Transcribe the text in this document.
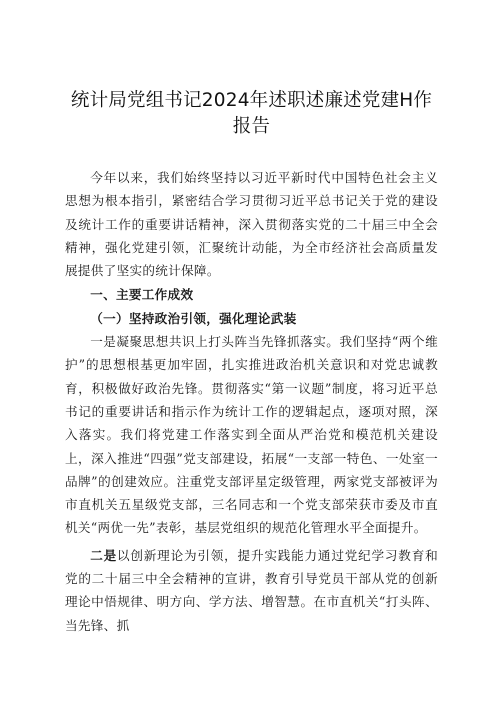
统计局党组书记2024年述职述廉述党建H作报告

今年以来，我们始终坚持以习近平新时代中国特色社会主义思想为根本指引，紧密结合学习贯彻习近平总书记关于党的建设及统计工作的重要讲话精神，深入贯彻落实党的二十届三中全会精神，强化党建引领，汇聚统计动能，为全市经济社会高质量发展提供了坚实的统计保障。

一、主要工作成效

（一）坚持政治引领，强化理论武装

一是凝聚思想共识上打头阵当先锋抓落实。我们坚持“两个维护”的思想根基更加牢固，扎实推进政治机关意识和对党忠诚教育，积极做好政治先锋。贯彻落实“第一议题”制度，将习近平总书记的重要讲话和指示作为统计工作的逻辑起点，逐项对照，深入落实。我们将党建工作落实到全面从严治党和模范机关建设上，深入推进“四强”党支部建设，拓展“一支部一特色、一处室一品牌”的创建效应。注重党支部评星定级管理，两家党支部被评为市直机关五星级党支部，三名同志和一个党支部荣获市委及市直机关“两优一先”表彰，基层党组织的规范化管理水平全面提升。

二是以创新理论为引领，提升实践能力通过党纪学习教育和党的二十届三中全会精神的宣讲，教育引导党员干部从党的创新理论中悟规律、明方向、学方法、增智慧。在市直机关“打头阵、当先锋、抓
